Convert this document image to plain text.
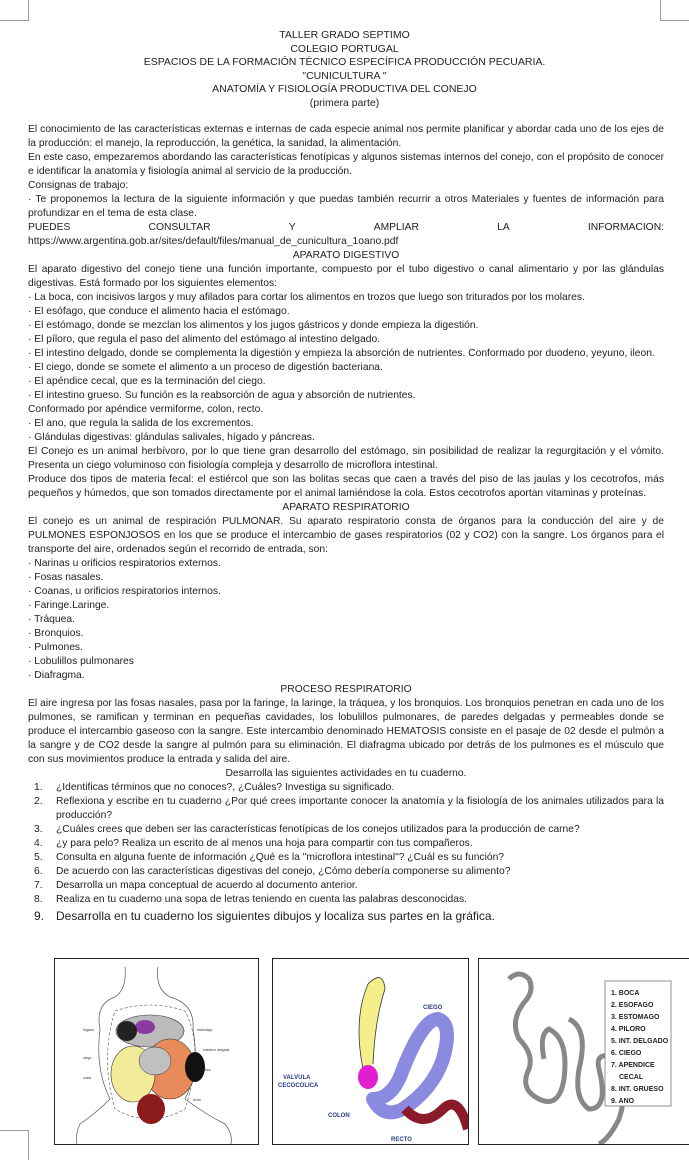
TALLER GRADO SEPTIMO
COLEGIO PORTUGAL
ESPACIOS DE LA FORMACIÓN TÉCNICO ESPECÍFICA PRODUCCIÓN PECUARIA.
"CUNICULTURA "
ANATOMÍA Y FISIOLOGÍA PRODUCTIVA DEL CONEJO
(primera parte)

El conocimiento de las características externas e internas de cada especie animal nos permite planificar y abordar cada uno de los ejes de la producción: el manejo, la reproducción, la genética, la sanidad, la alimentación.

En este caso, empezaremos abordando las características fenotípicas y algunos sistemas internos del conejo, con el propósito de conocer e identificar la anatomía y fisiología animal al servicio de la producción.

Consignas de trabajo:

· Te proponemos la lectura de la siguiente información y que puedas también recurrir a otros Materiales y fuentes de información para profundizar en el tema de esta clase.

PUEDES	CONSULTAR	Y	AMPLIAR	LA	INFORMACION:

https://www.argentina.gob.ar/sites/default/files/manual_de_cunicultura_1oano.pdf

APARATO DIGESTIVO

El aparato digestivo del conejo tiene una función importante, compuesto por el tubo digestivo o canal alimentario y por las glándulas digestivas. Está formado por los siguientes elementos:

· La boca, con incisivos largos y muy afilados para cortar los alimentos en trozos que luego son triturados por los molares.

· El esófago, que conduce el alimento hacia el estómago.

· El estómago, donde se mezclan los alimentos y los jugos gástricos y donde empieza la digestión.

· El píloro, que regula el paso del alimento del estómago al intestino delgado.

· El intestino delgado, donde se complementa la digestión y empieza la absorción de nutrientes. Conformado por duodeno, yeyuno, ileon.

· El ciego, donde se somete el alimento a un proceso de digestión bacteriana.

· El apéndice cecal, que es la terminación del ciego.

· El intestino grueso. Su función es la reabsorción de agua y absorción de nutrientes.

Conformado por apéndice vermiforme, colon, recto.

· El ano, que regula la salida de los excrementos.

· Glándulas digestivas: glándulas salivales, hígado y páncreas.

El Conejo es un animal herbívoro, por lo que tiene gran desarrollo del estómago, sin posibilidad de realizar la regurgitación y el vómito. Presenta un ciego voluminoso con fisiología compleja y desarrollo de microflora intestinal.

Produce dos tipos de materia fecal: el estiércol que son las bolitas secas que caen a través del piso de las jaulas y los cecotrofos, más pequeños y húmedos, que son tomados directamente por el animal lamiéndose la cola. Estos cecotrofos aportan vitaminas y proteínas.

APARATO RESPIRATORIO

El conejo es un animal de respiración PULMONAR. Su aparato respiratorio consta de órganos para la conducción del aire y de PULMONES ESPONJOSOS en los que se produce el intercambio de gases respiratorios (02 y CO2) con la sangre. Los órganos para el transporte del aire, ordenados según el recorrido de entrada, son:

· Narinas u orificios respiratorios externos.

· Fosas nasales.

· Coanas, u orificios respiratorios internos.

· Faringe.Laringe.

· Tráquea.

· Bronquios.

· Pulmones.

· Lobulillos pulmonares

· Diafragma.

PROCESO RESPIRATORIO

El aire ingresa por las fosas nasales, pasa por la faringe, la laringe, la tráquea, y los bronquios. Los bronquios penetran en cada uno de los pulmones, se ramifican y terminan en pequeñas cavidades, los lobulillos pulmonares, de paredes delgadas y permeables donde se produce el intercambio gaseoso con la sangre. Este intercambio denominado HEMATOSIS consiste en el pasaje de 02 desde el pulmón a la sangre y de CO2 desde la sangre al pulmón para su eliminación. El diafragma ubicado por detrás de los pulmones es el músculo que con sus movimientos produce la entrada y salida del aire.

Desarrolla las siguientes actividades en tu cuaderno.

1.	¿Identificas términos que no conoces?, ¿Cuáles? Investiga su significado.
2.	Reflexiona y escribe en tu cuaderno ¿Por qué crees importante conocer la anatomía y la fisiología de los animales utilizados para la producción?
3.	¿Cuáles crees que deben ser las características fenotípicas de los conejos utilizados para la producción de carne?
4.	¿y para pelo? Realiza un escrito de al menos una hoja para compartir con tus compañeros.
5.	Consulta en alguna fuente de información ¿Qué es la "microflora intestinal"? ¿Cuál es su función?
6.	De acuerdo con las características digestivas del conejo, ¿Cómo debería componerse su alimento?
7.	Desarrolla un mapa conceptual de acuerdo al documento anterior.
8.	Realiza en tu cuaderno una sopa de letras teniendo en cuenta las palabras desconocidas.
9. Desarrolla en tu cuaderno los siguientes dibujos y localiza sus partes en la gráfica.
hígado
ciego
colon
estómago
intestino delgado
riñón
recto
CIEGO
VALVULA
CECOCOLICA
COLON
RECTO
1. BOCA
2. ESOFAGO
3. ESTOMAGO
4. PILORO
5. INT. DELGADO
6. CIEGO
7. APENDICE
CECAL
8. INT. GRUESO
9. ANO
